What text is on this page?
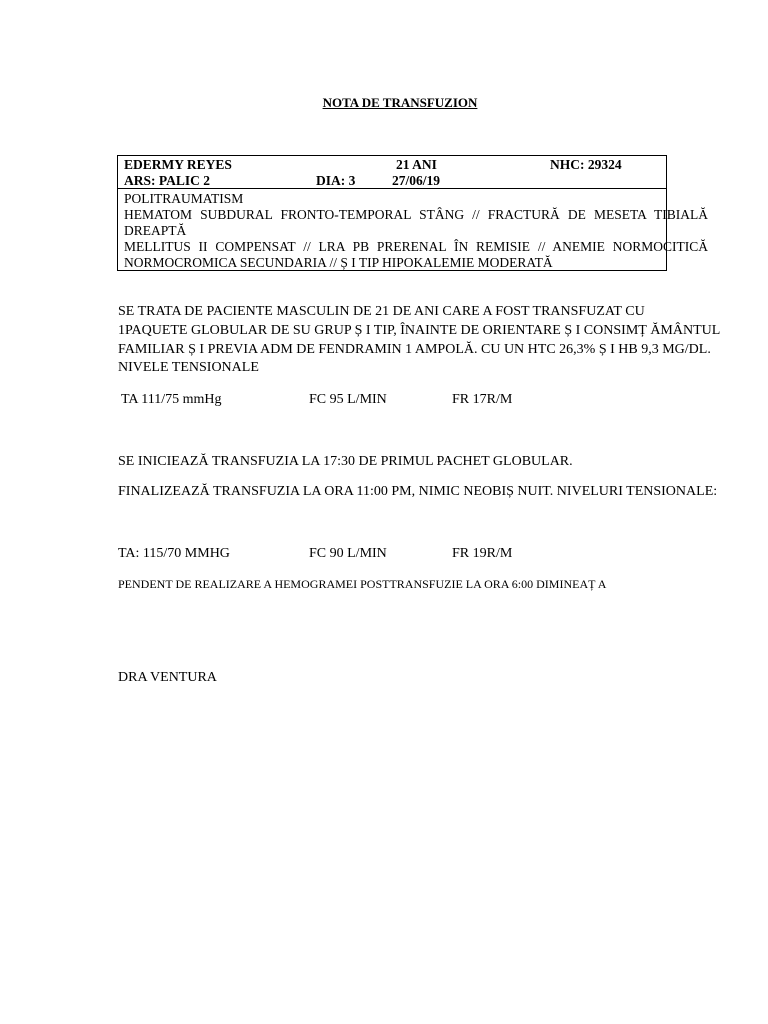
NOTA DE TRANSFUZION
EDERMY REYES	21 ANI	NHC: 29324
ARS: PALIC 2	DIA: 3	27/06/19
POLITRAUMATISM
HEMATOM SUBDURAL FRONTO-TEMPORAL STÂNG // FRACTURĂ DE MESETA TIBIALĂ
DREAPTĂ
MELLITUS II COMPENSAT // LRA PB PRERENAL ÎN REMISIE // ANEMIE NORMOCITICĂ
NORMOCROMICA SECUNDARIA // Ș I TIP HIPOKALEMIE MODERATĂ
SE TRATA DE PACIENTE MASCULIN DE 21 DE ANI CARE A FOST TRANSFUZAT CU
1PAQUETE GLOBULAR DE SU GRUP Ș I TIP, ÎNAINTE DE ORIENTARE Ș I CONSIMȚ ĂMÂNTUL
FAMILIAR Ș I PREVIA ADM DE FENDRAMIN 1 AMPOLĂ. CU UN HTC 26,3% Ș I HB 9,3 MG/DL.
NIVELE TENSIONALE
TA 111/75 mmHg	FC 95 L/MIN	FR 17R/M
SE INICIEAZĂ TRANSFUZIA LA 17:30 DE PRIMUL PACHET GLOBULAR.
FINALIZEAZĂ TRANSFUZIA LA ORA 11:00 PM, NIMIC NEOBIȘ NUIT. NIVELURI TENSIONALE:
TA: 115/70 MMHG	FC 90 L/MIN	FR 19R/M
PENDENT DE REALIZARE A HEMOGRAMEI POSTTRANSFUZIE LA ORA 6:00 DIMINEAȚ A
DRA VENTURA
